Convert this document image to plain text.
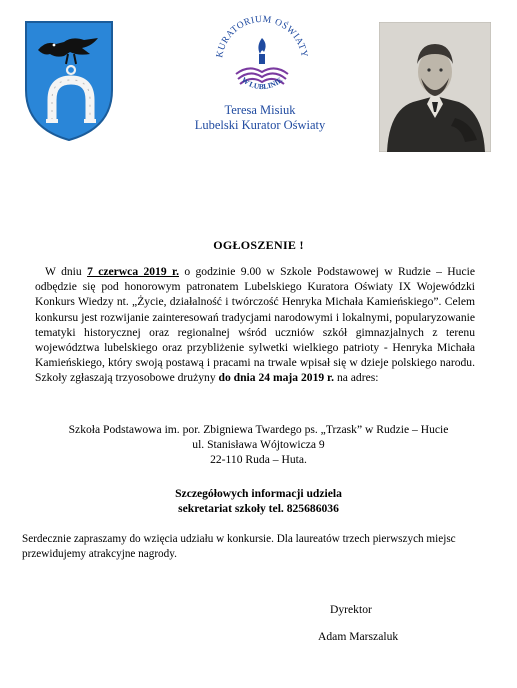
KURATORIUM OŚWIATY
W LUBLINIE
Teresa Misiuk
Lubelski Kurator Oświaty
OGŁOSZENIE !
W dniu 7 czerwca 2019 r. o godzinie 9.00 w Szkole Podstawowej w Rudzie – Hucie odbędzie się pod honorowym patronatem Lubelskiego Kuratora Oświaty IX Wojewódzki Konkurs Wiedzy nt. „Życie, działalność i twórczość Henryka Michała Kamieńskiego”. Celem konkursu jest rozwijanie zainteresowań tradycjami narodowymi i lokalnymi, popularyzowanie tematyki historycznej oraz regionalnej wśród uczniów szkół gimnazjalnych z terenu województwa lubelskiego oraz przybliżenie sylwetki wielkiego patrioty - Henryka Michała Kamieńskiego, który swoją postawą i pracami na trwale wpisał się w dzieje polskiego narodu. Szkoły zgłaszają trzyosobowe drużyny do dnia 24 maja 2019 r. na adres:
Szkoła Podstawowa im. por. Zbigniewa Twardego ps. „Trzask” w Rudzie – Hucie
ul. Stanisława Wójtowicza 9
22-110 Ruda – Huta.
Szczegółowych informacji udziela
sekretariat szkoły tel. 825686036
Serdecznie zapraszamy do wzięcia udziału w konkursie. Dla laureatów trzech pierwszych miejsc przewidujemy atrakcyjne nagrody.
Dyrektor
Adam Marszaluk
